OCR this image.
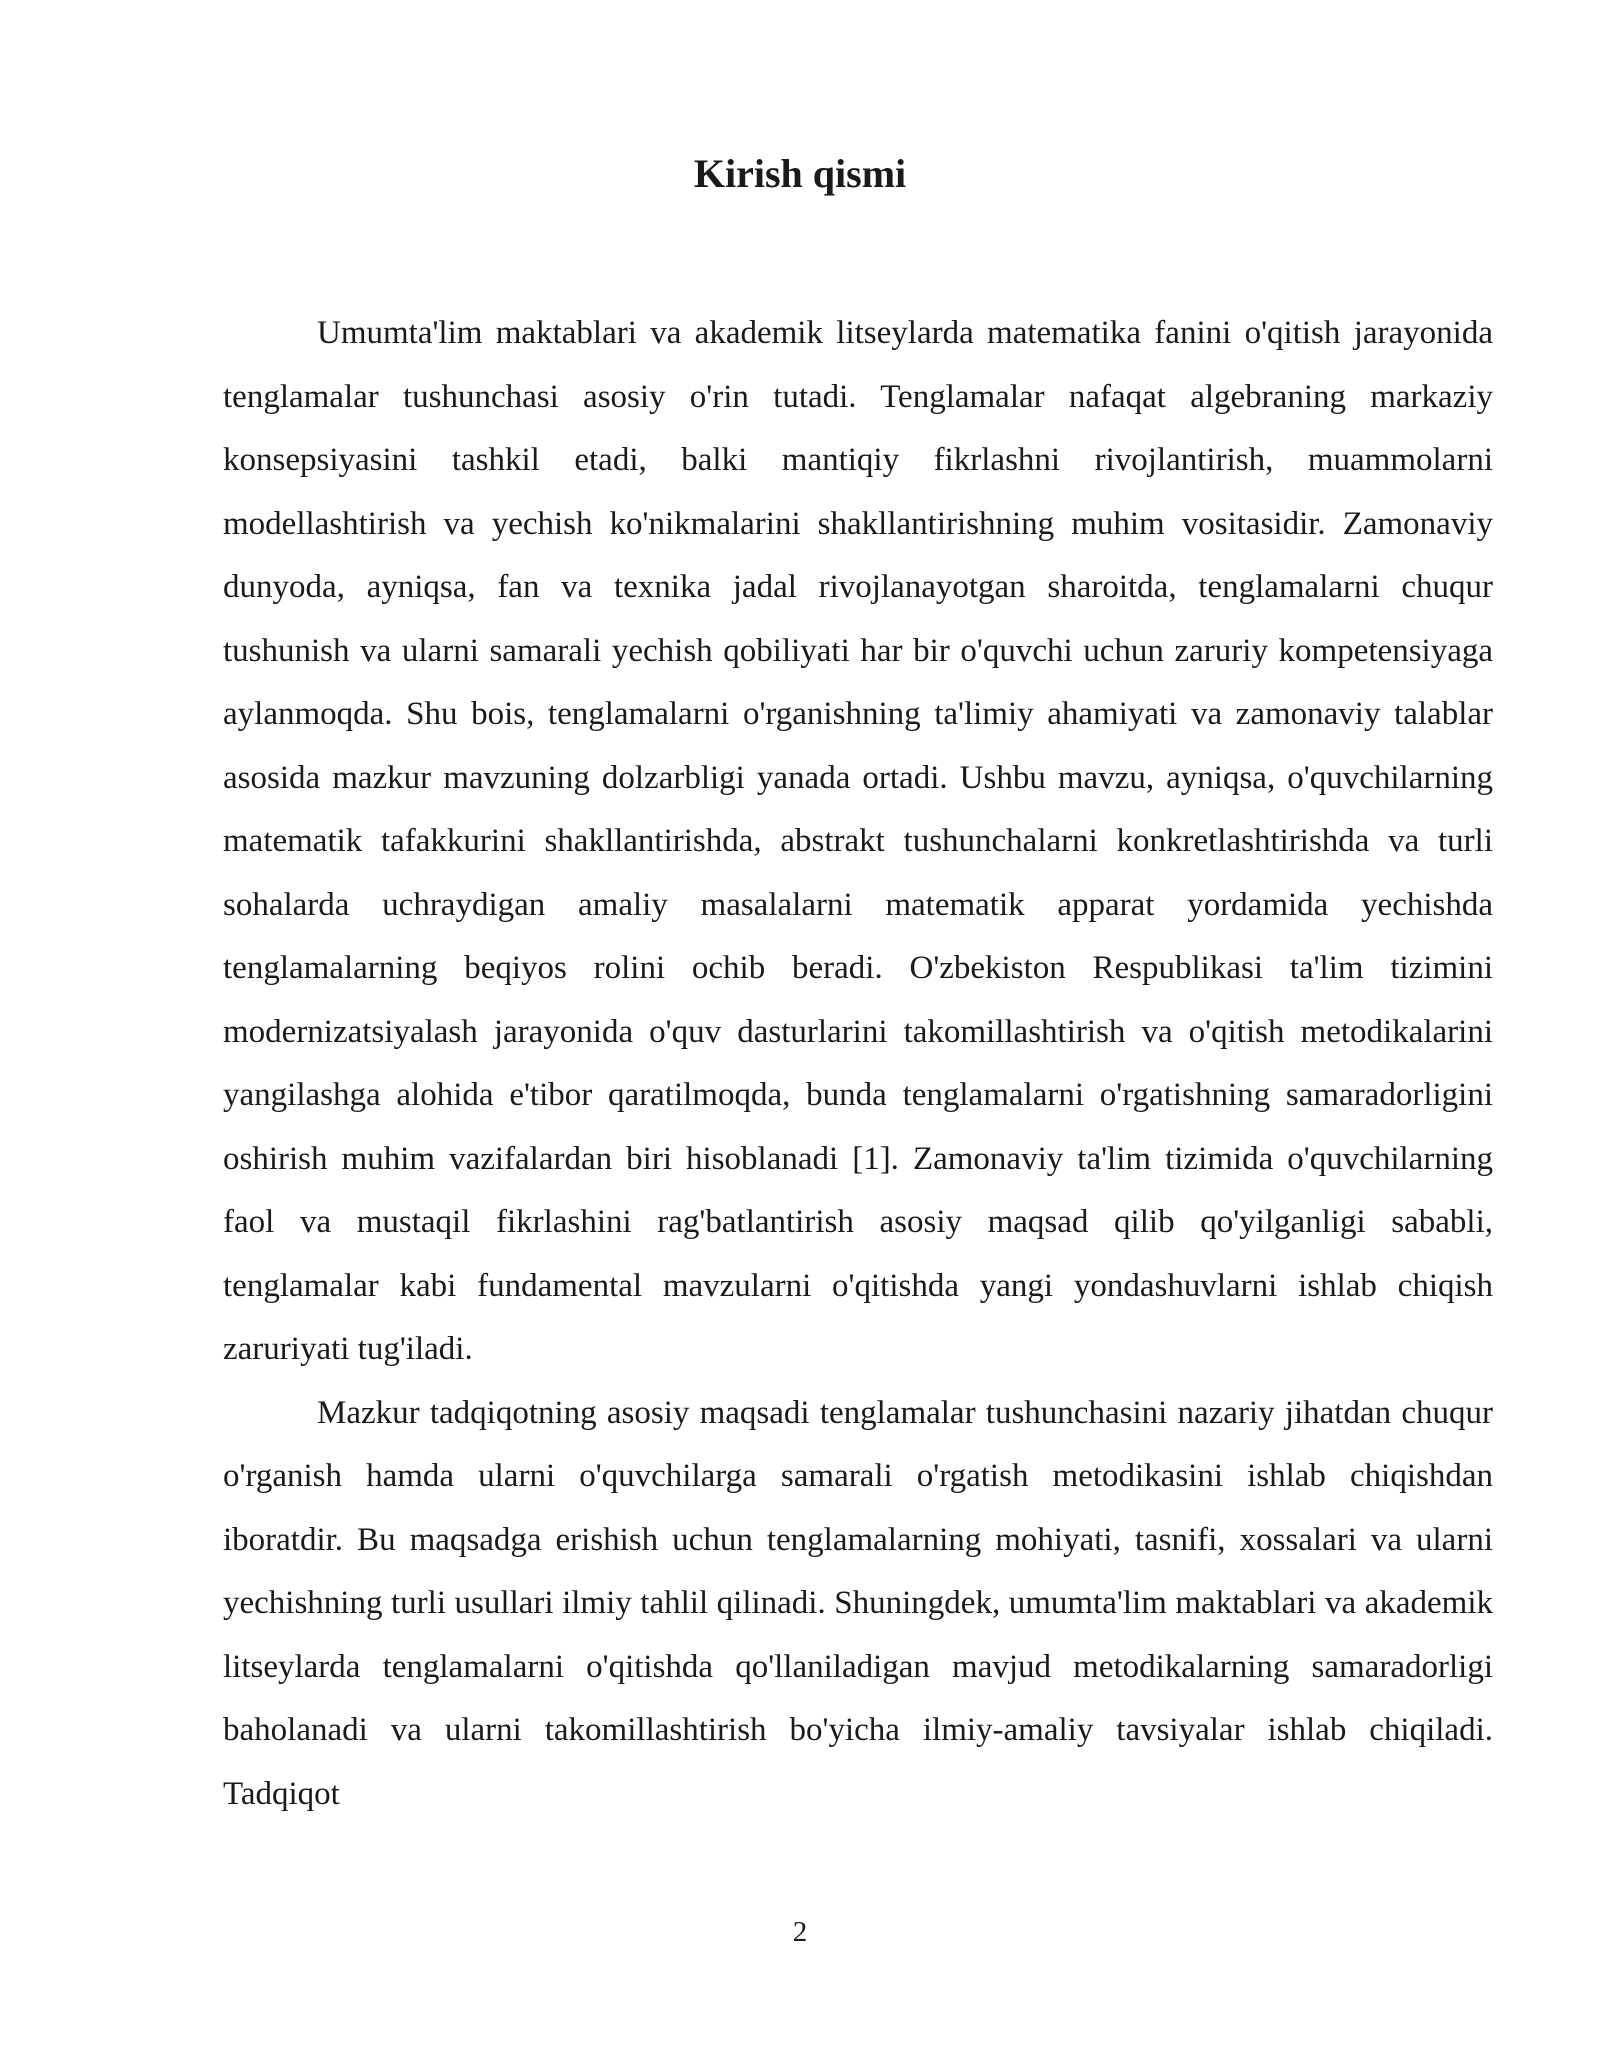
Kirish qismi

Umumta'lim maktablari va akademik litseylarda matematika fanini o'qitish jarayonida tenglamalar tushunchasi asosiy o'rin tutadi. Tenglamalar nafaqat algebraning markaziy konsepsiyasini tashkil etadi, balki mantiqiy fikrlashni rivojlantirish, muammolarni modellashtirish va yechish ko'nikmalarini shakllantirishning muhim vositasidir. Zamonaviy dunyoda, ayniqsa, fan va texnika jadal rivojlanayotgan sharoitda, tenglamalarni chuqur tushunish va ularni samarali yechish qobiliyati har bir o'quvchi uchun zaruriy kompetensiyaga aylanmoqda. Shu bois, tenglamalarni o'rganishning ta'limiy ahamiyati va zamonaviy talablar asosida mazkur mavzuning dolzarbligi yanada ortadi. Ushbu mavzu, ayniqsa, o'quvchilarning matematik tafakkurini shakllantirishda, abstrakt tushunchalarni konkretlashtirishda va turli sohalarda uchraydigan amaliy masalalarni matematik apparat yordamida yechishda tenglamalarning beqiyos rolini ochib beradi. O'zbekiston Respublikasi ta'lim tizimini modernizatsiyalash jarayonida o'quv dasturlarini takomillashtirish va o'qitish metodikalarini yangilashga alohida e'tibor qaratilmoqda, bunda tenglamalarni o'rgatishning samaradorligini oshirish muhim vazifalardan biri hisoblanadi [1]. Zamonaviy ta'lim tizimida o'quvchilarning faol va mustaqil fikrlashini rag'batlantirish asosiy maqsad qilib qo'yilganligi sababli, tenglamalar kabi fundamental mavzularni o'qitishda yangi yondashuvlarni ishlab chiqish zaruriyati tug'iladi.

Mazkur tadqiqotning asosiy maqsadi tenglamalar tushunchasini nazariy jihatdan chuqur o'rganish hamda ularni o'quvchilarga samarali o'rgatish metodikasini ishlab chiqishdan iboratdir. Bu maqsadga erishish uchun tenglamalarning mohiyati, tasnifi, xossalari va ularni yechishning turli usullari ilmiy tahlil qilinadi. Shuningdek, umumta'lim maktablari va akademik litseylarda tenglamalarni o'qitishda qo'llaniladigan mavjud metodikalarning samaradorligi baholanadi va ularni takomillashtirish bo'yicha ilmiy-amaliy tavsiyalar ishlab chiqiladi. Tadqiqot

2
